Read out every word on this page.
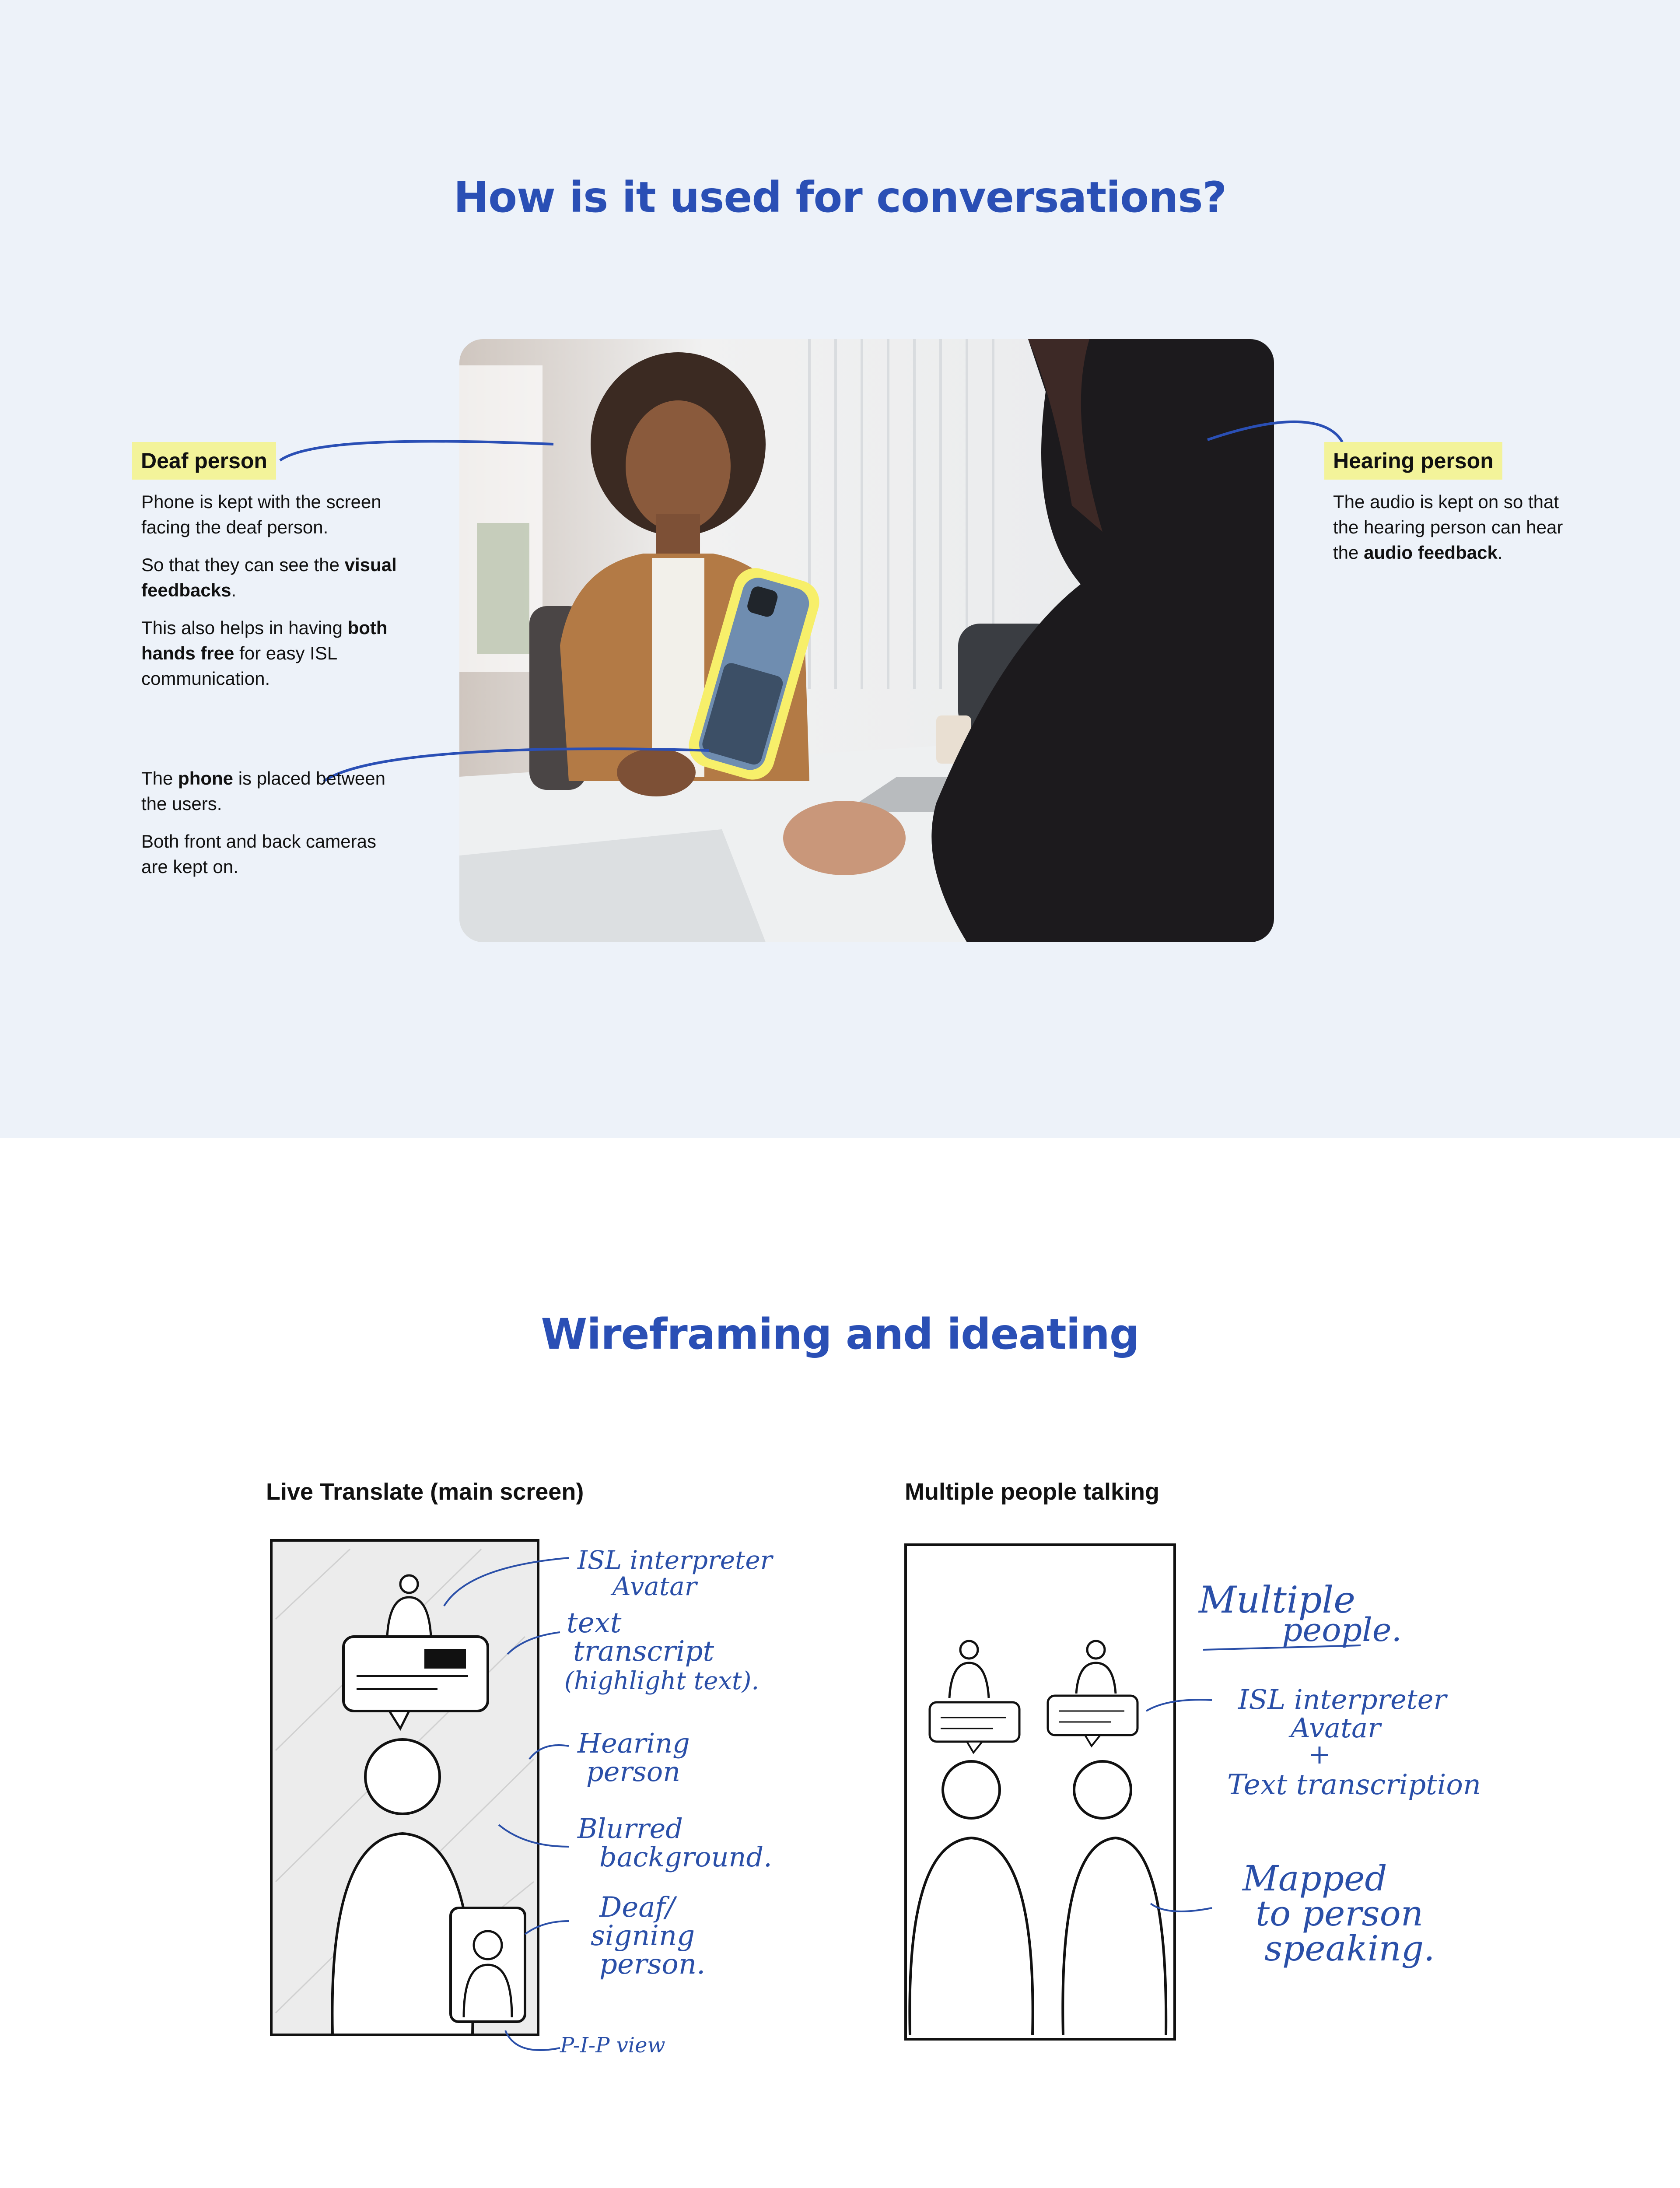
How is it used for conversations?
Deaf person

Phone is kept with the screen facing the deaf person.

So that they can see the visual feedbacks.

This also helps in having both hands free for easy ISL communication.

The phone is placed between the users.

Both front and back cameras are kept on.

Hearing person

The audio is kept on so that the hearing person can hear the audio feedback.

Wireframing and ideating
Live Translate (main screen)	Multiple people talking
ISL interpreter
Avatar
text
transcript
(highlight text).
Hearing
person
Blurred
background.
Deaf/
signing
person.
P-I-P view
Multiple
people.
ISL interpreter
Avatar
+
Text transcription
Mapped
to person
speaking.
